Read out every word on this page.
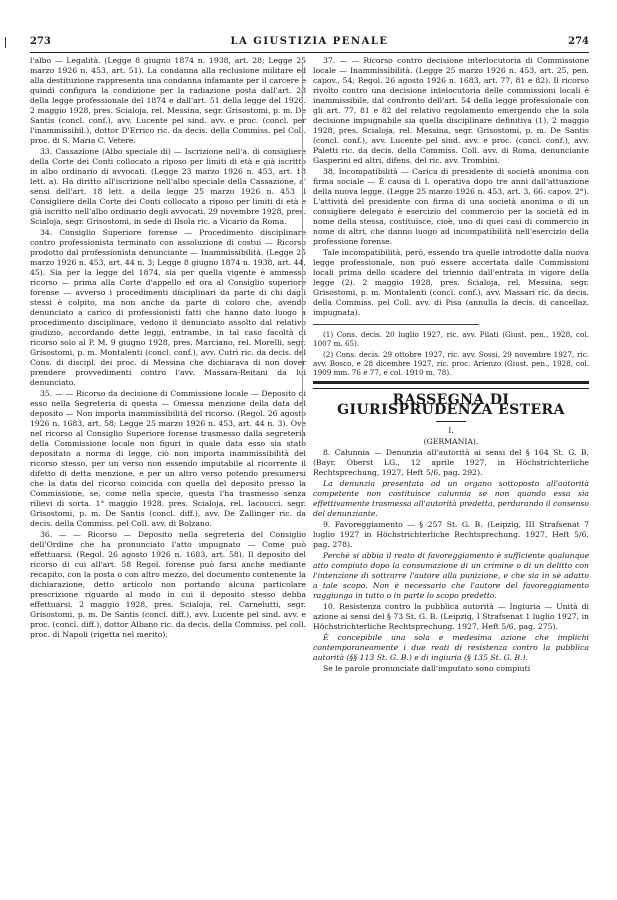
273	LA GIUSTIZIA PENALE	274

l'albo — Legalità. (Legge 8 giugno 1874 n. 1938, art. 28; Legge 25 marzo 1926 n. 453, art. 51). La condanna alla reclusione militare ed alla destituzione rappresenta una condanna infamante per il carcere e quindi configura la condizione per la radiazione posta dall'art. 28 della legge professionale del 1874 e dall'art. 51 della legge del 1926. 2 maggio 1928, pres. Scialoja, rel. Messina, segr. Grisostomi, p. m. De Santis (concl. conf.), avv. Lucente pel sind. avv. e proc. (concl. per l'inammissibil.), dottor D'Errico ric. da decis. della Commiss. pel Coll. proc. di S. Maria C. Vetere.

33. Cassazione (Albo speciale di) — Iscrizione nell'a. di consigliere della Corte dei Conti collocato a riposo per limiti di età e già iscritto in albo ordinario di avvocati. (Legge 23 marzo 1926 n. 453, art. 18 lett. a). Ha diritto all'iscrizione nell'albo speciale della Cassazione, a' sensi dell'art. 18 lett. a della legge 25 marzo 1926 n. 453 il Consigliere della Corte dei Conti collocato a riposo per limiti di età e già iscritto nell'albo ordinario degli avvocati. 29 novembre 1928, pres. Scialoja, segr. Grisostomi, in sede di Ilsola ric. a Vicario da Roma.

34. Consiglio Superiore forense — Procedimento disciplinare contro professionista terminato con assoluzione di costui — Ricorso prodotto dal professionista denunciante — Inammissibilità. (Legge 25 marzo 1926 n. 453, art. 44 n. 3; Legge 8 giugno 1874 n. 1938, art. 44, 45). Sia per la legge del 1874, sia per quella vigente è ammesso ricorso — prima alla Corte d'appello ed ora al Consiglio superiore forense — avverso i procedimenti disciplinari da parte di chi dagli stessi è colpito, ma non anche da parte di coloro che, avendo denunciato a carico di professionisti fatti che hanno dato luogo a procedimento disciplinare, vedono il denunciato assolto dal relativo giudizio, accordando dette leggi, entrambe, in tal caso facoltà di ricorso solo al P. M. 9 giugno 1928, pres. Marciano, rel. Morelli, segr. Grisostomi, p. m. Montalenti (concl. conf.), avv. Cutrì ric. da decis. del Cons. di discipl. dei proc. di Messina che dichiarava di non dover prendere provvedimenti contro l'avv. Massara-Reitani da lui denunciato.

35. — — Ricorso da decisione di Commissione locale — Deposito di esso nella Segreteria di questa — Omessa menzione della data del deposito — Non importa inammissibilità del ricorso. (Regol. 26 agosto 1926 n. 1683, art. 58; Legge 25 marzo 1926 n. 453, art. 44 n. 3). Ove nel ricorso al Consiglio Superiore forense trasmesso dalla segreteria della Commissione locale non figuri in quale data esso sia stato depositato a norma di legge, ciò non importa inammissibilità del ricorso stesso, per un verso non essendo imputabile al ricorrente il difetto di detta menzione, e per un altro verso potendo presumersi che la data del ricorso coincida con quella del deposito presso la Commissione, se, come nella specie, questa l'ha trasmesso senza rilievi di sorta. 1° maggio 1928. pres. Scialoja, rel. Iacoucci. segr. Grisostomi, p. m. De Santis (concl. diff.), avv. De Zallinger ric. da decis. della Commiss. pel Coll. avv. di Bolzano.

36. — — Ricorso — Deposito nella segreteria del Consiglio dell'Ordine che ha pronunciato l'atto impugnato — Come può effettuarsi. (Regol. 26 agosto 1926 n. 1683, art. 58). Il deposito del ricorso di cui all'art. 58 Regol. forense può farsi anche mediante recapito, con la posta o con altro mezzo, del documento contenente la dichiarazione, detto articolo non portando alcuna particolare prescrizione riguardo al modo in cui il deposito stesso debba effettuarsi. 2 maggio 1928, pres. Scialoja, rel. Carnelutti, segr. Grisostomi, p. m. De Santis (concl. diff.), avv. Lucente pel sind. avv. e proc. (concl. diff.), dottor Albano ric. da decis. della Commiss. pel coll. proc. di Napoli (rigetta nel merito).

37. — — Ricorso contro decisione interlocutoria di Commissione locale — Inammissibilità. (Legge 25 marzo 1926 n. 453, art. 25, pen. capov., 54; Regol. 26 agosto 1926 n. 1683, art. 77, 81 e 82). Il ricorso rivolto contro una decisione intelocutoria delle commissioni locali è inammissibile, dal confronto dell'art. 54 della legge professionale con gli art. 77, 81 e 82 del relativo regolamento emergendo che la sola decisione impugnabile sia quella disciplinare definitiva (1). 2 maggio 1928, pres. Scialoja, rel. Messina, segr. Grisostomi, p. m. De Santis (concl. conf.), avv. Lucente pel sind. avv. e proc. (concl. conf.), avv. Paletti ric. da decis. della Commiss. Coll. avv. di Roma, denunciante Gasperini ed altri, difens. del ric. avv. Trombini.

38. Incompatibilità — Carica di presidente di società anonima con firma sociale — È causa di I. operativa dopo tre anni dall'attuazione della nuova legge. (Legge 25 marzo 1926 n. 453, art. 3, 66. capov. 2°). L'attività del presidente con firma di una società anonima o di un consigliere delegato è esercizio del commercio per la società ed in nome della stessa, costituisce, cioè, uno di quei casi di commercio in nome di altri, che danno luogo ad incompatibilità nell'esercizio della professione forense.

Tale incompatibilità, però, essendo tra quelle introdotte dalla nuova legge professionale, non può essere accertata dalle Commissioni locali prima dello scadere del triennio dall'entrata in vigore della legge (2). 2 maggio 1928, pres. Scialoja, rel. Messina, segr. Grisostomi, p. m. Montalenti (concl. conf.), avv. Massari ric. da decis. della Commiss. pel Coll. avv. di Pisa (annulla la decis. di cancellaz. impugnata).

(1) Cons. decis. 20 luglio 1927, ric. avv. Pilati (Giust. pen., 1928, col. 1007 m. 65).

(2) Cons. decis. 29 ottobre 1927, ric. avv. Sossi, 29 novembre 1927, ric. avv. Bosco, e 28 dicembre 1927, ric. proc. Arienzo (Giust. pen., 1928, col. 1909 mm. 76 e 77, e col. 1910 m. 78).

RASSEGNA DI GIURISPRUDENZA ESTERA

I.

(GERMANIA).

8. Calunnia — Denunzia all'autorità ai sensi del § 164 St. G. B. (Bayr. Oberst LG., 12 aprile 1927, in Höchstrichterliche Rechtsprechung, 1927, Heft 5/6, pag. 292).

La denunzia presentata ad un organo sottoposto all'autorità competente non costituisce calunnia se non quando essa sia effettivamente trasmessa all'autorità predetta, perdurando il consenso del denunziante.

9. Favoreggiamento — § 257 St. G. B. (Leipzig, III Strafsenat 7 luglio 1927 in Höchstrichterliche Rechtsprechung. 1927, Heft 5/6, pag. 278).

Perchè si abbia il reato di favoreggiamento è sufficiente qualunque atto compiuto dopo la consumazione di un crimine o di un delitto con l'intenzione di sottrarre l'autore alla punizione, e che sia in sè adatto a tale scopo. Non è necessario che l'autore del favoreggiamento raggiunga in tutto o in parte lo scopo predetto.

10. Resistenza contro la pubblica autorità — Ingiuria — Unità di azione ai sensi del § 73 St. G. B. (Leipzig, I Strafsenat 1 luglio 1927, in Höchstrichterliche Rechtsprechung. 1927, Heft 5/6, pag. 275).

È concepibile una sola e medesima azione che implichi contemporaneamente i due reati di resistenza contro la pubblica autorità (§§ 113 St. G. B.) e di ingiuria (§ 135 St. G. B.).

Se le parole pronunciate dall'imputato sono compiuti
